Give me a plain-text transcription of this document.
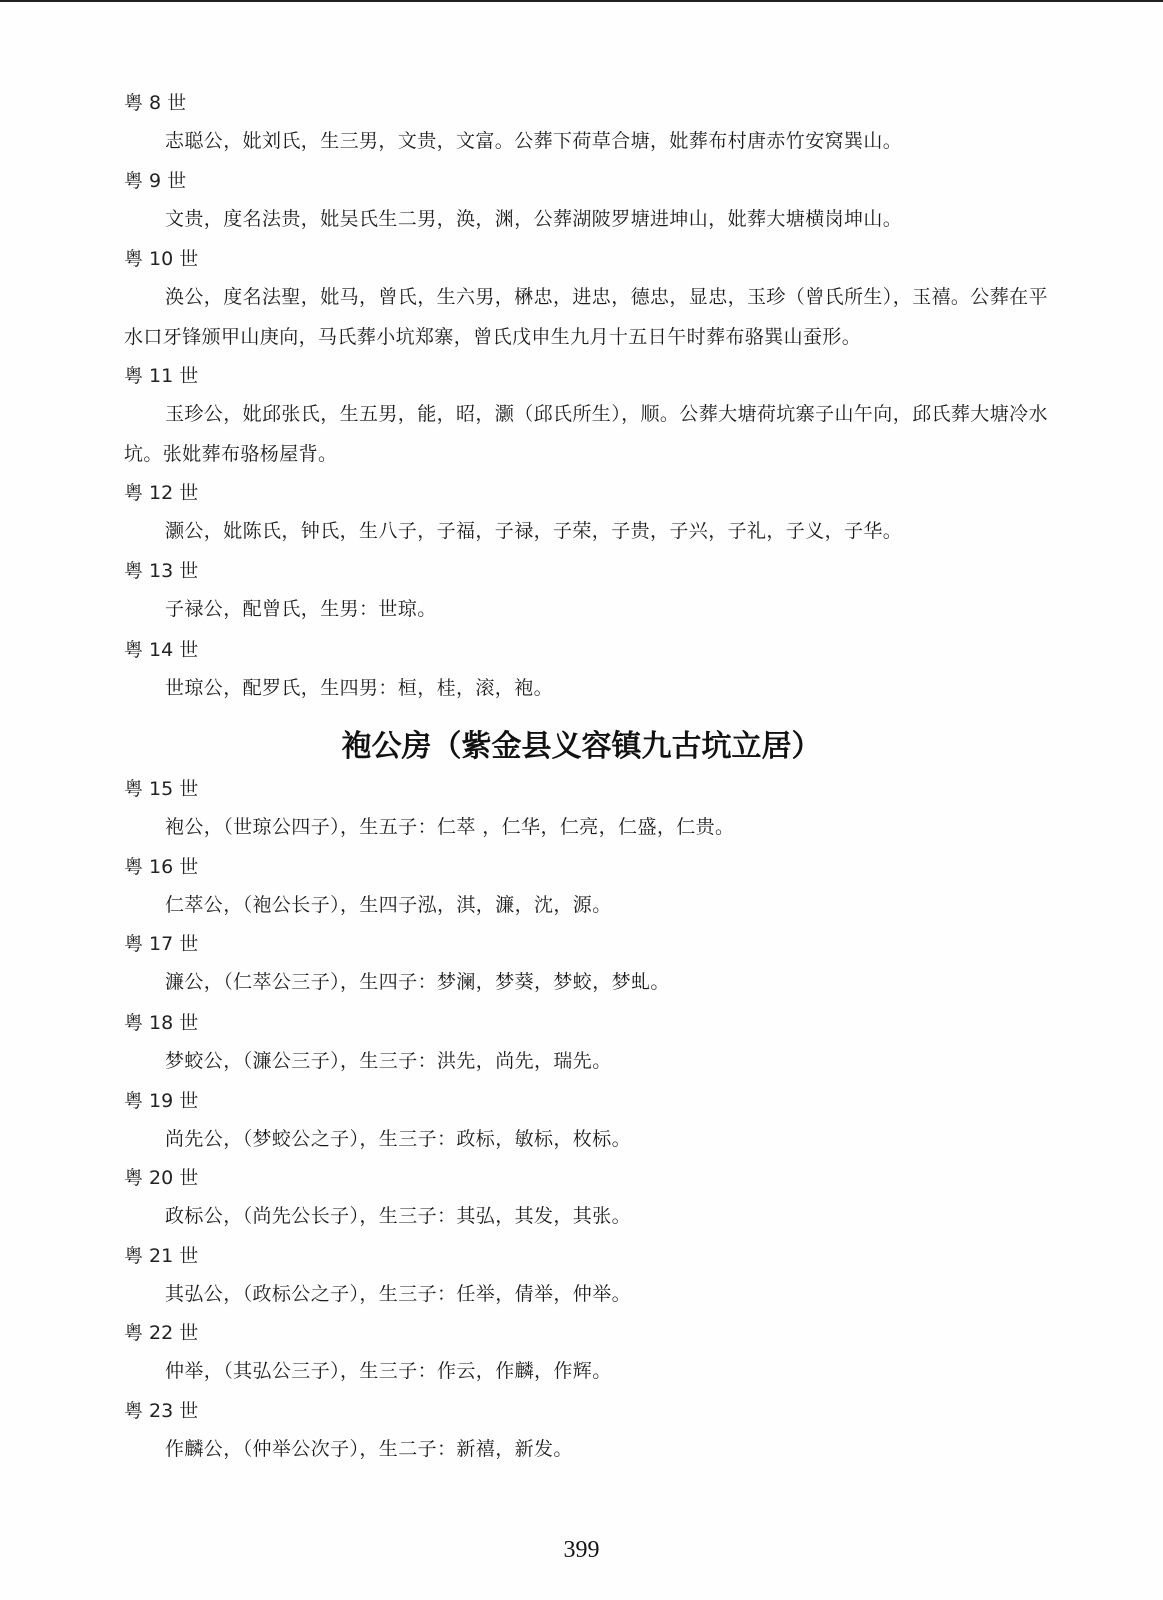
粤 8 世
志聪公，妣刘氏，生三男，文贵，文富。公葬下荷草合塘，妣葬布村唐赤竹安窝巽山。
粤 9 世
文贵，度名法贵，妣吴氏生二男，涣，渊，公葬湖陂罗塘进坤山，妣葬大塘横岗坤山。
粤 10 世
涣公，度名法聖，妣马，曾氏，生六男，楙忠，进忠，德忠，显忠，玉珍（曾氏所生），玉禧。公葬在平水口牙锋颁甲山庚向，马氏葬小坑郑寨，曾氏戊申生九月十五日午时葬布骆巽山蚕形。
粤 11 世
玉珍公，妣邱张氏，生五男，能，昭，灏（邱氏所生），顺。公葬大塘荷坑寨子山午向，邱氏葬大塘冷水坑。张妣葬布骆杨屋背。
粤 12 世
灏公，妣陈氏，钟氏，生八子，子福，子禄，子荣，子贵，子兴，子礼，子义，子华。
粤 13 世
子禄公，配曾氏，生男：世琼。
粤 14 世
世琼公，配罗氏，生四男：桓，桂，滚，袍。
袍公房（紫金县义容镇九古坑立居）
粤 15 世
袍公，（世琼公四子），生五子：仁萃 ，仁华，仁亮，仁盛，仁贵。
粤 16 世
仁萃公，（袍公长子），生四子泓，淇，濂，沈，源。
粤 17 世
濂公，（仁萃公三子），生四子：梦澜，梦葵，梦蛟，梦虬。
粤 18 世
梦蛟公，（濂公三子），生三子：洪先，尚先，瑞先。
粤 19 世
尚先公，（梦蛟公之子），生三子：政标，敏标，枚标。
粤 20 世
政标公，（尚先公长子），生三子：其弘，其发，其张。
粤 21 世
其弘公，（政标公之子），生三子：任举，倩举，仲举。
粤 22 世
仲举，（其弘公三子），生三子：作云，作麟，作辉。
粤 23 世
作麟公，（仲举公次子），生二子：新禧，新发。
399
